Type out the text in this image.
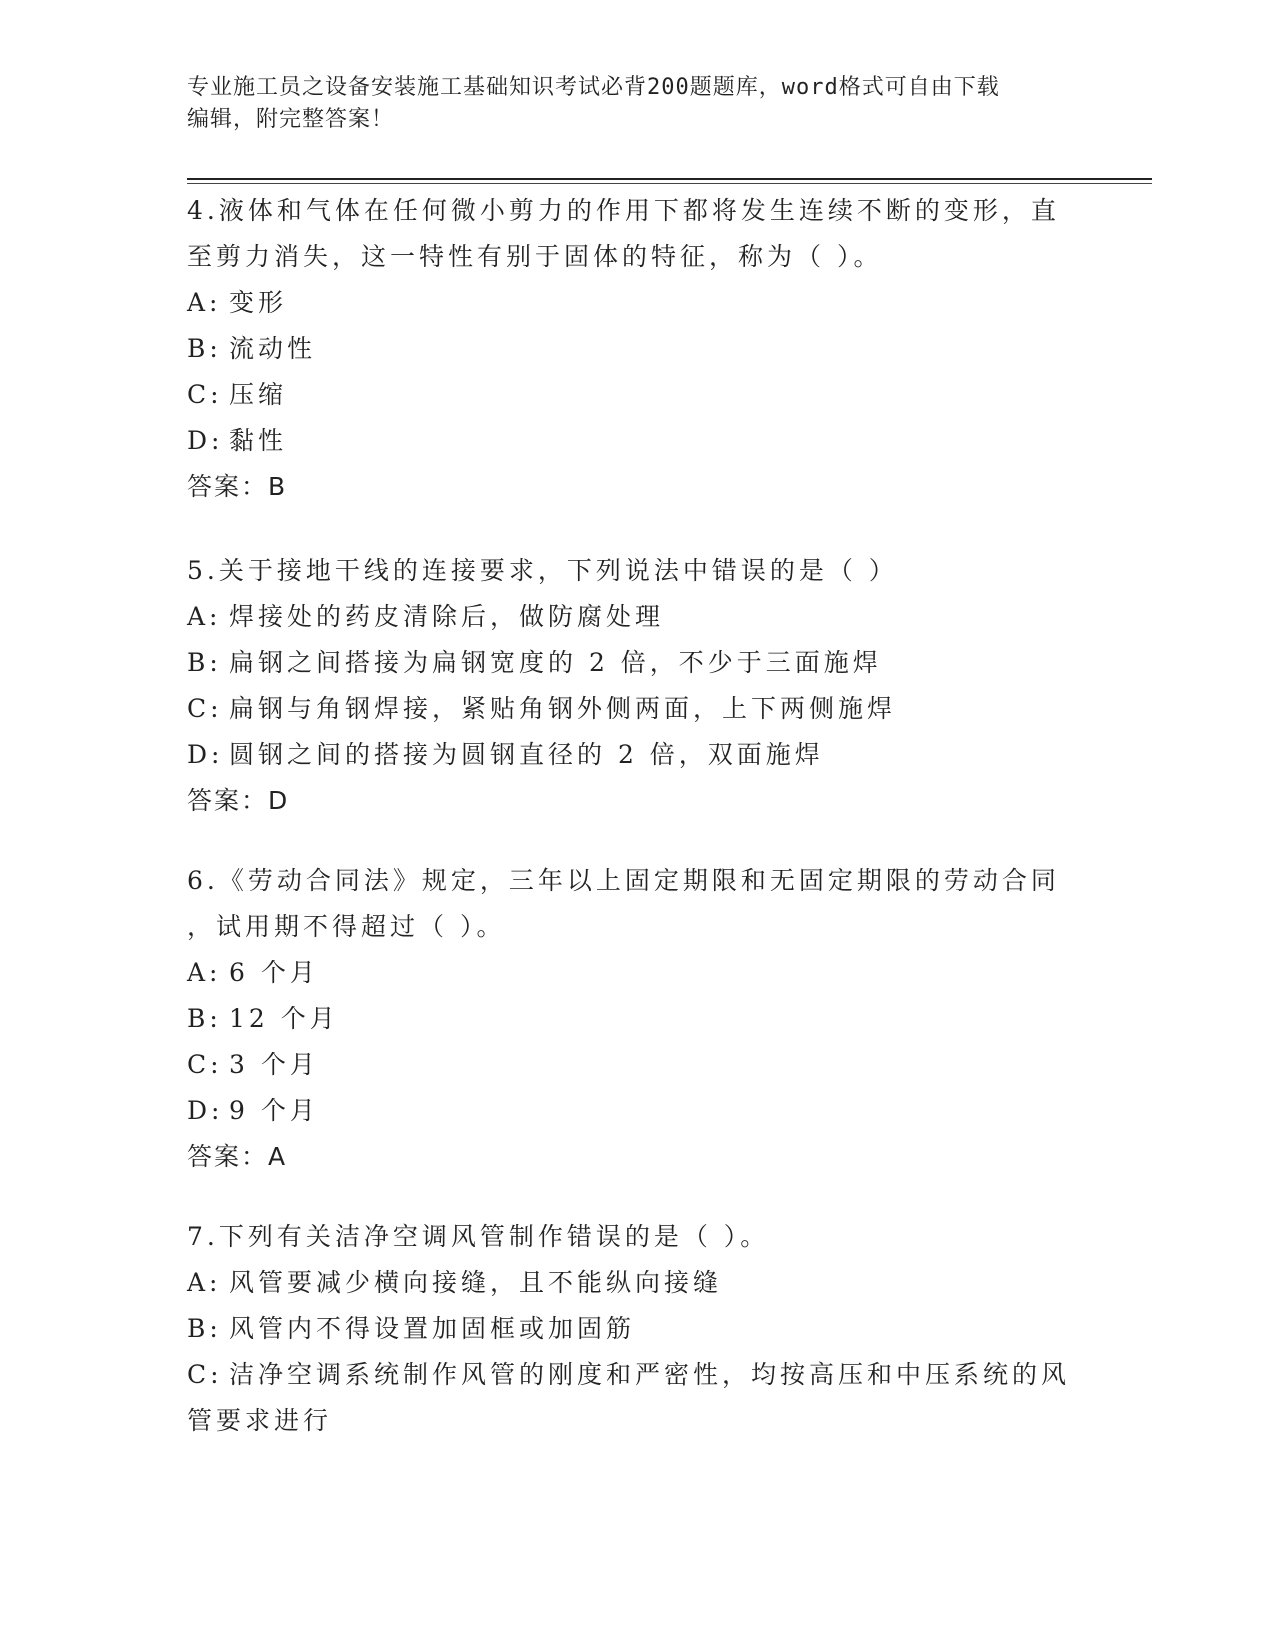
专业施工员之设备安装施工基础知识考试必背200题题库，word格式可自由下载
编辑，附完整答案！

4.液体和气体在任何微小剪力的作用下都将发生连续不断的变形，直

至剪力消失，这一特性有别于固体的特征，称为（ ）。

A: 变形

B: 流动性

C: 压缩

D: 黏性

答案：B

5.关于接地干线的连接要求，下列说法中错误的是（ ）

A: 焊接处的药皮清除后，做防腐处理

B: 扁钢之间搭接为扁钢宽度的 2 倍，不少于三面施焊

C: 扁钢与角钢焊接，紧贴角钢外侧两面，上下两侧施焊

D: 圆钢之间的搭接为圆钢直径的 2 倍，双面施焊

答案：D

6.《劳动合同法》规定，三年以上固定期限和无固定期限的劳动合同

，试用期不得超过（ ）。

A: 6 个月

B: 12 个月

C: 3 个月

D: 9 个月

答案：A

7.下列有关洁净空调风管制作错误的是（ ）。

A: 风管要减少横向接缝，且不能纵向接缝

B: 风管内不得设置加固框或加固筋

C: 洁净空调系统制作风管的刚度和严密性，均按高压和中压系统的风

管要求进行
